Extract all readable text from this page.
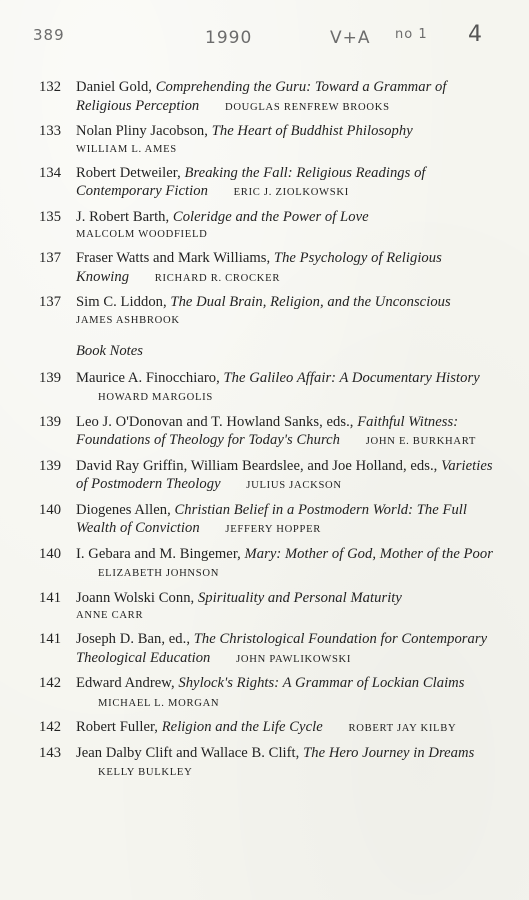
389	1990	V+A no 1 4
132	Daniel Gold, Comprehending the Guru: Toward a Grammar of Religious Perception DOUGLAS RENFREW BROOKS
133	Nolan Pliny Jacobson, The Heart of Buddhist Philosophy
WILLIAM L. AMES
134	Robert Detweiler, Breaking the Fall: Religious Readings of Contemporary Fiction ERIC J. ZIOLKOWSKI
135	J. Robert Barth, Coleridge and the Power of Love
MALCOLM WOODFIELD
137	Fraser Watts and Mark Williams, The Psychology of Religious Knowing RICHARD R. CROCKER
137	Sim C. Liddon, The Dual Brain, Religion, and the Unconscious
JAMES ASHBROOK
Book Notes
139	Maurice A. Finocchiaro, The Galileo Affair: A Documentary History HOWARD MARGOLIS
139	Leo J. O'Donovan and T. Howland Sanks, eds., Faithful Witness: Foundations of Theology for Today's Church JOHN E. BURKHART
139	David Ray Griffin, William Beardslee, and Joe Holland, eds., Varieties of Postmodern Theology JULIUS JACKSON
140	Diogenes Allen, Christian Belief in a Postmodern World: The Full Wealth of Conviction JEFFERY HOPPER
140	I. Gebara and M. Bingemer, Mary: Mother of God, Mother of the Poor ELIZABETH JOHNSON
141	Joann Wolski Conn, Spirituality and Personal Maturity
ANNE CARR
141	Joseph D. Ban, ed., The Christological Foundation for Contemporary Theological Education JOHN PAWLIKOWSKI
142	Edward Andrew, Shylock's Rights: A Grammar of Lockian Claims MICHAEL L. MORGAN
142	Robert Fuller, Religion and the Life Cycle ROBERT JAY KILBY
143	Jean Dalby Clift and Wallace B. Clift, The Hero Journey in Dreams KELLY BULKLEY
